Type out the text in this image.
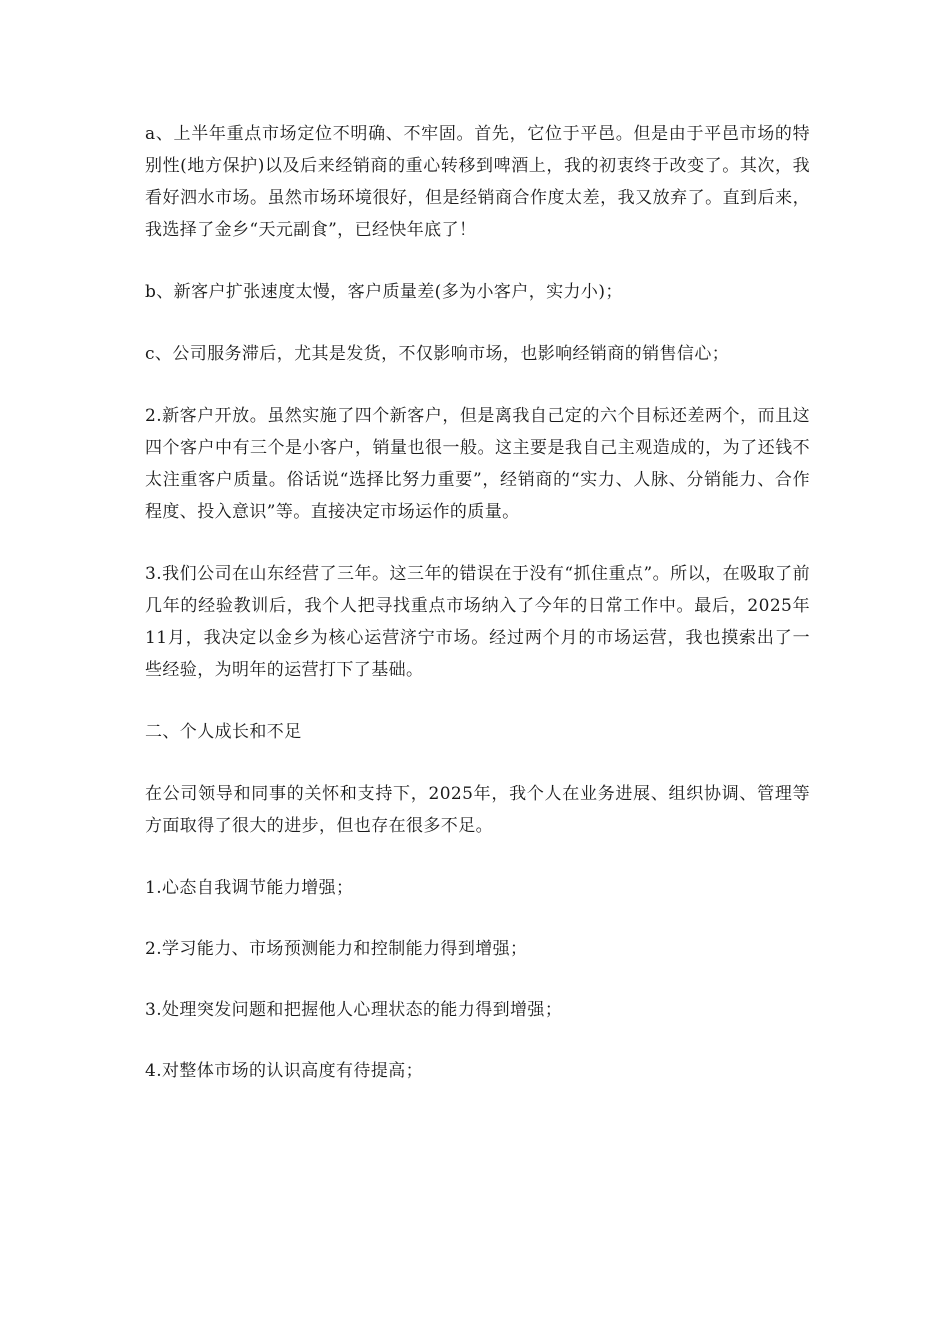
a、上半年重点市场定位不明确、不牢固。首先，它位于平邑。但是由于平邑市场的特别性(地方保护)以及后来经销商的重心转移到啤酒上，我的初衷终于改变了。其次，我看好泗水市场。虽然市场环境很好，但是经销商合作度太差，我又放弃了。直到后来，我选择了金乡“天元副食”，已经快年底了！

b、新客户扩张速度太慢，客户质量差(多为小客户，实力小)；

c、公司服务滞后，尤其是发货，不仅影响市场，也影响经销商的销售信心；

2.新客户开放。虽然实施了四个新客户，但是离我自己定的六个目标还差两个，而且这四个客户中有三个是小客户，销量也很一般。这主要是我自己主观造成的，为了还钱不太注重客户质量。俗话说“选择比努力重要”，经销商的“实力、人脉、分销能力、合作程度、投入意识”等。直接决定市场运作的质量。

3.我们公司在山东经营了三年。这三年的错误在于没有“抓住重点”。所以，在吸取了前几年的经验教训后，我个人把寻找重点市场纳入了今年的日常工作中。最后，2025年11月，我决定以金乡为核心运营济宁市场。经过两个月的市场运营，我也摸索出了一些经验，为明年的运营打下了基础。

二、个人成长和不足

在公司领导和同事的关怀和支持下，2025年，我个人在业务进展、组织协调、管理等方面取得了很大的进步，但也存在很多不足。

1.心态自我调节能力增强；

2.学习能力、市场预测能力和控制能力得到增强；

3.处理突发问题和把握他人心理状态的能力得到增强；

4.对整体市场的认识高度有待提高；
